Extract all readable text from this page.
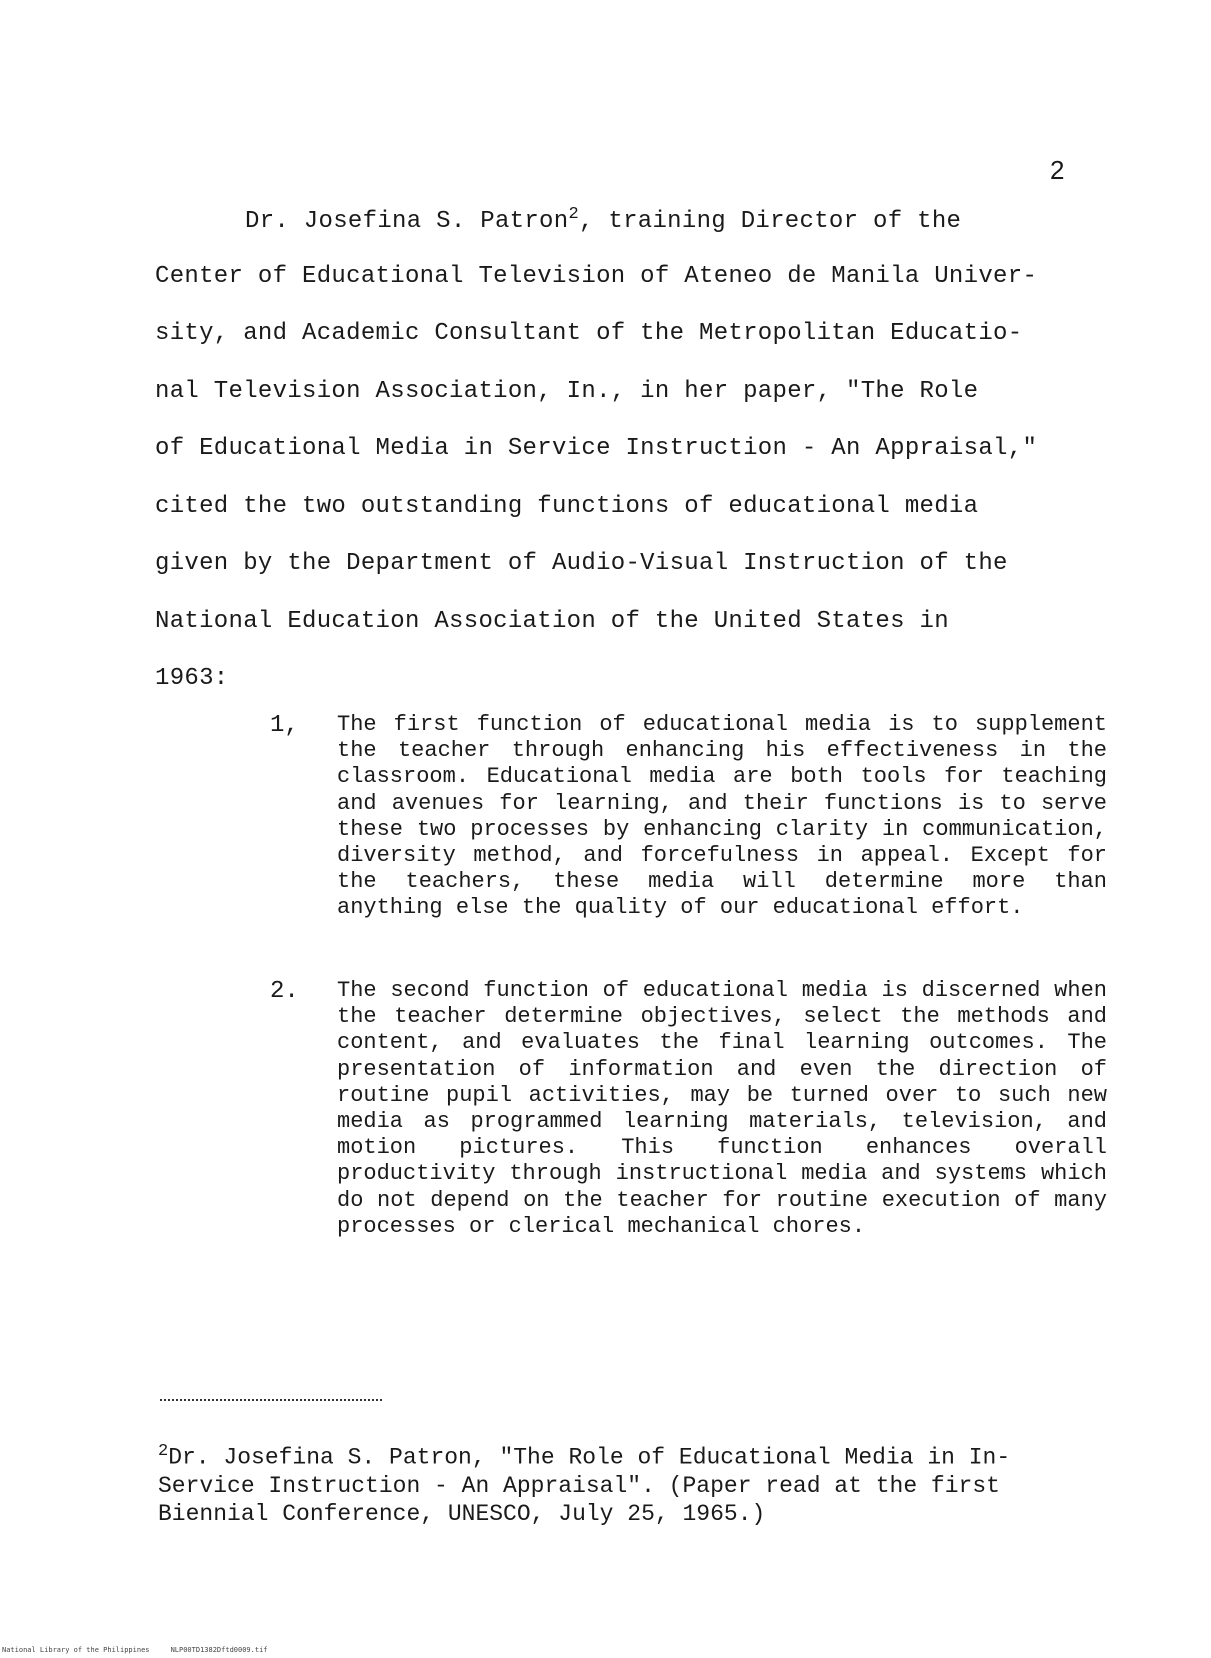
2
Dr. Josefina S. Patron$^2$, training Director of the
Center of Educational Television of Ateneo de Manila Univer-
sity, and Academic Consultant of the Metropolitan Educatio-
nal Television Association, In., in her paper, "The Role
of Educational Media in Service Instruction - An Appraisal,"
cited the two outstanding functions of educational media
given by the Department of Audio-Visual Instruction of the
National Education Association of the United States in
1963:
1, The first function of educational media is to supplement the teacher through enhancing his effectiveness in the classroom. Educational media are both tools for teaching and avenues for learning, and their functions is to serve these two processes by enhancing clarity in communication, diversity method, and forcefulness in appeal. Except for the teachers, these media will determine more than anything else the quality of our educational effort.
2. The second function of educational media is discerned when the teacher determine objectives, select the methods and content, and evaluates the final learning outcomes. The presentation of information and even the direction of routine pupil activities, may be turned over to such new media as programmed learning materials, television, and motion pictures. This function enhances overall productivity through instructional media and systems which do not depend on the teacher for routine execution of many processes or clerical mechanical chores.
$^2$Dr. Josefina S. Patron, "The Role of Educational Media in In-Service Instruction - An Appraisal". (Paper read at the first Biennial Conference, UNESCO, July 25, 1965.)
National Library of the Philippines     NLP00TD1382Dftd0009.tif
